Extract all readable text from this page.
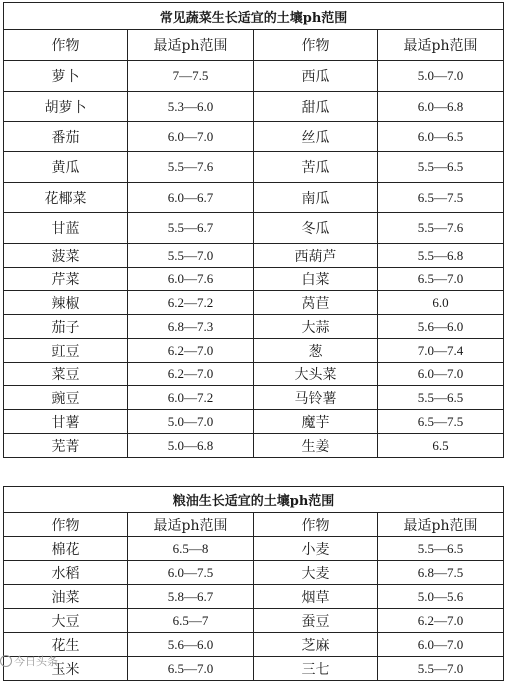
常见蔬菜生长适宜的土壤ph范围			
作物	最适ph范围	作物	最适ph范围
萝卜	7—7.5	西瓜	5.0—7.0
胡萝卜	5.3—6.0	甜瓜	6.0—6.8
番茄	6.0—7.0	丝瓜	6.0—6.5
黄瓜	5.5—7.6	苦瓜	5.5—6.5
花椰菜	6.0—6.7	南瓜	6.5—7.5
甘蓝	5.5—6.7	冬瓜	5.5—7.6
菠菜	5.5—7.0	西葫芦	5.5—6.8
芹菜	6.0—7.6	白菜	6.5—7.0
辣椒	6.2—7.2	莴苣	6.0
茄子	6.8—7.3	大蒜	5.6—6.0
豇豆	6.2—7.0	葱	7.0—7.4
菜豆	6.2—7.0	大头菜	6.0—7.0
豌豆	6.0—7.2	马铃薯	5.5—6.5
甘薯	5.0—7.0	魔芋	6.5—7.5
芜菁	5.0—6.8	生姜	6.5
粮油生长适宜的土壤ph范围			
作物	最适ph范围	作物	最适ph范围
棉花	6.5—8	小麦	5.5—6.5
水稻	6.0—7.5	大麦	6.8—7.5
油菜	5.8—6.7	烟草	5.0—5.6
大豆	6.5—7	蚕豆	6.2—7.0
花生	5.6—6.0	芝麻	6.0—7.0
玉米	6.5—7.0	三七	5.5—7.0
今日头条
